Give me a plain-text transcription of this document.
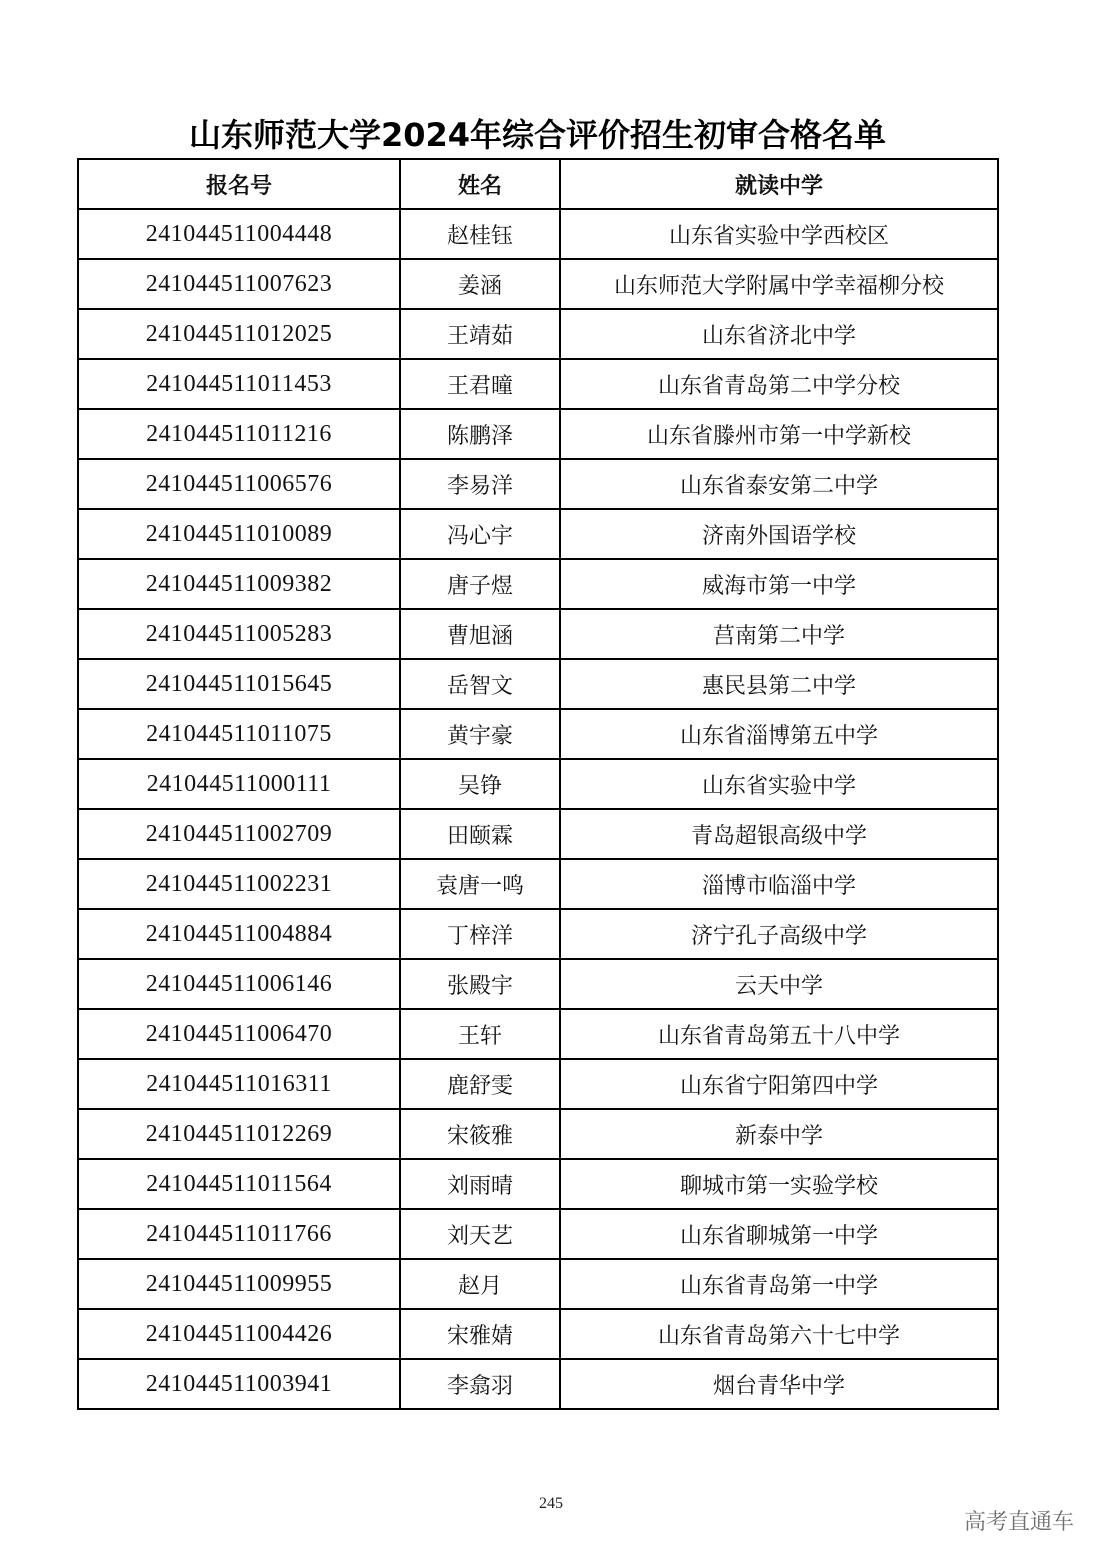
山东师范大学2024年综合评价招生初审合格名单
报名号	姓名	就读中学
241044511004448	赵桂钰	山东省实验中学西校区
241044511007623	姜涵	山东师范大学附属中学幸福柳分校
241044511012025	王靖茹	山东省济北中学
241044511011453	王君曈	山东省青岛第二中学分校
241044511011216	陈鹏泽	山东省滕州市第一中学新校
241044511006576	李易洋	山东省泰安第二中学
241044511010089	冯心宇	济南外国语学校
241044511009382	唐子煜	威海市第一中学
241044511005283	曹旭涵	莒南第二中学
241044511015645	岳智文	惠民县第二中学
241044511011075	黄宇豪	山东省淄博第五中学
241044511000111	吴铮	山东省实验中学
241044511002709	田颐霖	青岛超银高级中学
241044511002231	袁唐一鸣	淄博市临淄中学
241044511004884	丁梓洋	济宁孔子高级中学
241044511006146	张殿宇	云天中学
241044511006470	王轩	山东省青岛第五十八中学
241044511016311	鹿舒雯	山东省宁阳第四中学
241044511012269	宋筱雅	新泰中学
241044511011564	刘雨晴	聊城市第一实验学校
241044511011766	刘天艺	山东省聊城第一中学
241044511009955	赵月	山东省青岛第一中学
241044511004426	宋雅婧	山东省青岛第六十七中学
241044511003941	李翕羽	烟台青华中学
245
高考直通车
